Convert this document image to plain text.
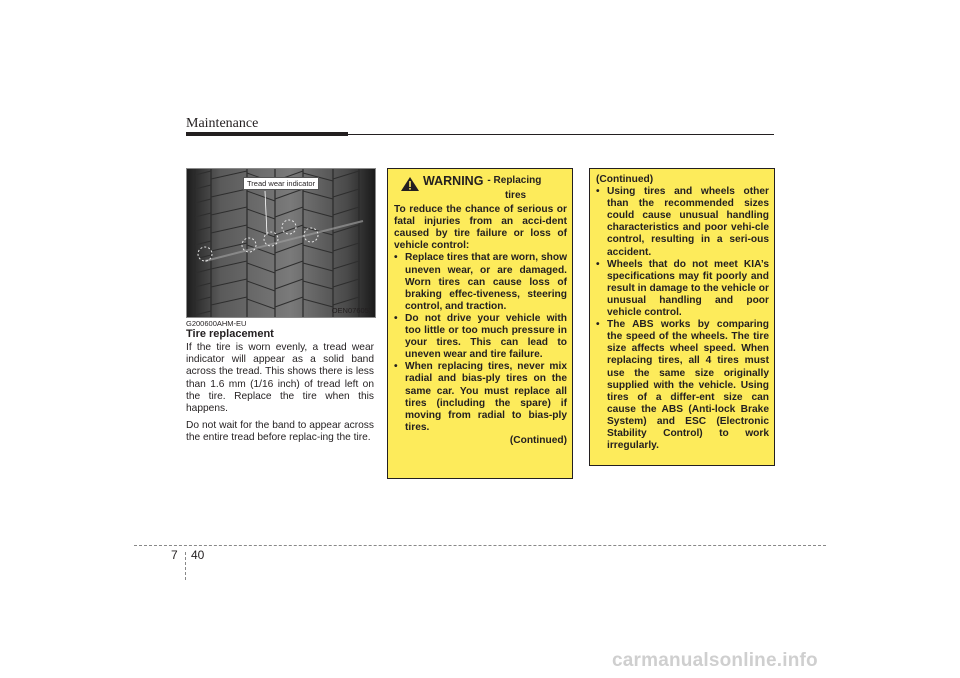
Maintenance
Tread wear indicator
OEN076053
G200600AHM-EU
Tire replacement

If the tire is worn evenly, a tread wear indicator will appear as a solid band across the tread. This shows there is less than 1.6 mm (1/16 inch) of tread left on the tire. Replace the tire when this happens.

Do not wait for the band to appear across the entire tread before replac-ing the tire.

WARNING - Replacing
tires

To reduce the chance of serious or fatal injuries from an acci-dent caused by tire failure or loss of vehicle control:

• Replace tires that are worn, show uneven wear, or are damaged. Worn tires can cause loss of braking effec-tiveness, steering control, and traction.
• Do not drive your vehicle with too little or too much pressure in your tires. This can lead to uneven wear and tire failure.
• When replacing tires, never mix radial and bias-ply tires on the same car. You must replace all tires (including the spare) if moving from radial to bias-ply tires.
(Continued)

(Continued)

• Using tires and wheels other than the recommended sizes could cause unusual handling characteristics and poor vehi-cle control, resulting in a seri-ous accident.
• Wheels that do not meet KIA’s specifications may fit poorly and result in damage to the vehicle or unusual handling and poor vehicle control.
• The ABS works by comparing the speed of the wheels. The tire size affects wheel speed. When replacing tires, all 4 tires must use the same size originally supplied with the vehicle. Using tires of a differ-ent size can cause the ABS (Anti-lock Brake System) and ESC (Electronic Stability Control) to work irregularly.
7 40
carmanualsonline.info
